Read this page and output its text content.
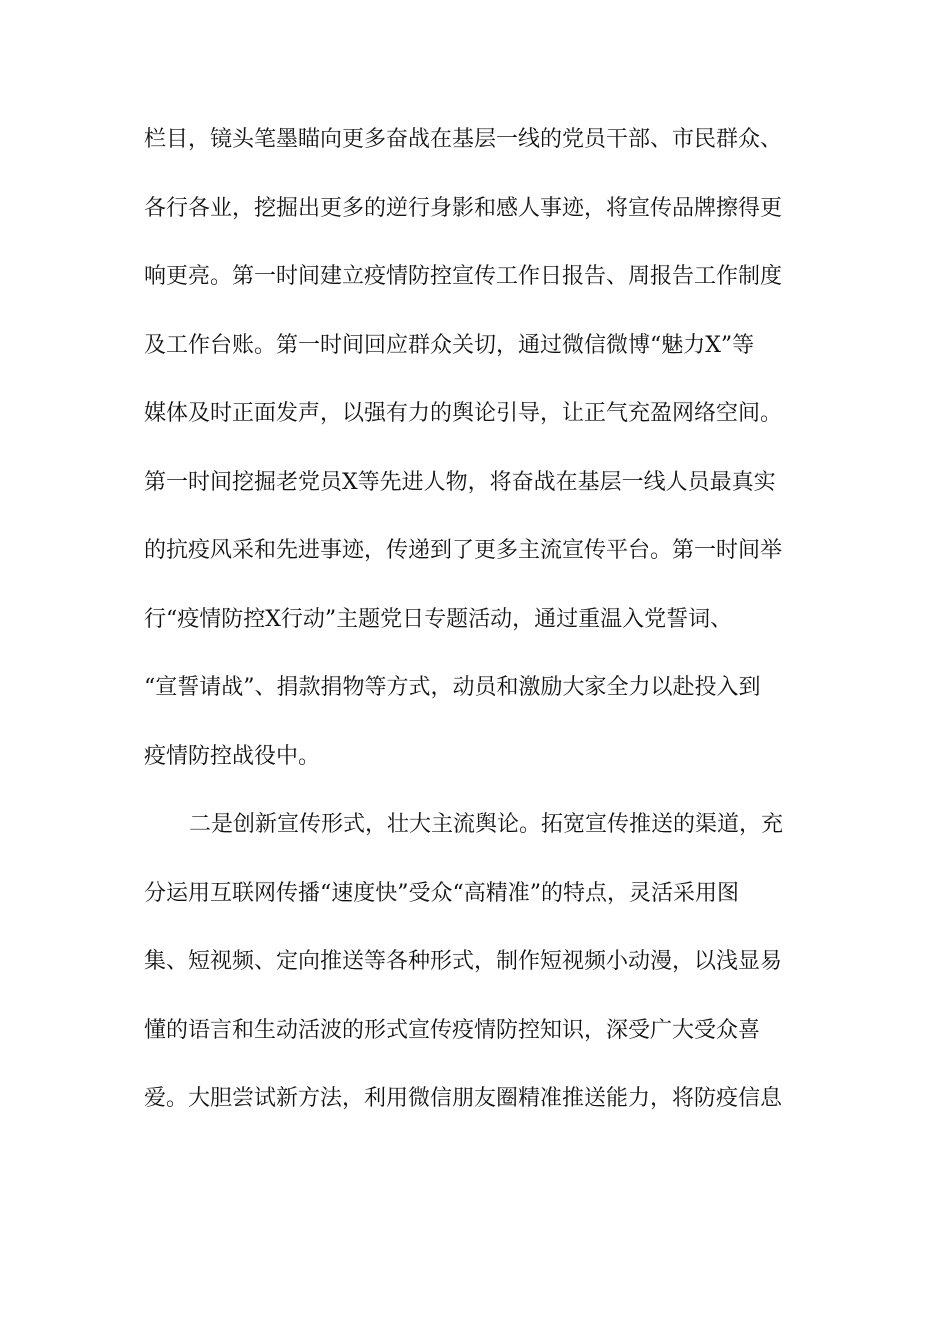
栏目，镜头笔墨瞄向更多奋战在基层一线的党员干部、市民群众、
各行各业，挖掘出更多的逆行身影和感人事迹，将宣传品牌擦得更
响更亮。第一时间建立疫情防控宣传工作日报告、周报告工作制度
及工作台账。第一时间回应群众关切，通过微信微博“魅力X”等
媒体及时正面发声，以强有力的舆论引导，让正气充盈网络空间。
第一时间挖掘老党员X等先进人物，将奋战在基层一线人员最真实
的抗疫风采和先进事迹，传递到了更多主流宣传平台。第一时间举
行“疫情防控X行动”主题党日专题活动，通过重温入党誓词、
“宣誓请战”、捐款捐物等方式，动员和激励大家全力以赴投入到
疫情防控战役中。
二是创新宣传形式，壮大主流舆论。拓宽宣传推送的渠道，充
分运用互联网传播“速度快”受众“高精准”的特点，灵活采用图
集、短视频、定向推送等各种形式，制作短视频小动漫，以浅显易
懂的语言和生动活波的形式宣传疫情防控知识，深受广大受众喜
爱。大胆尝试新方法，利用微信朋友圈精准推送能力，将防疫信息
